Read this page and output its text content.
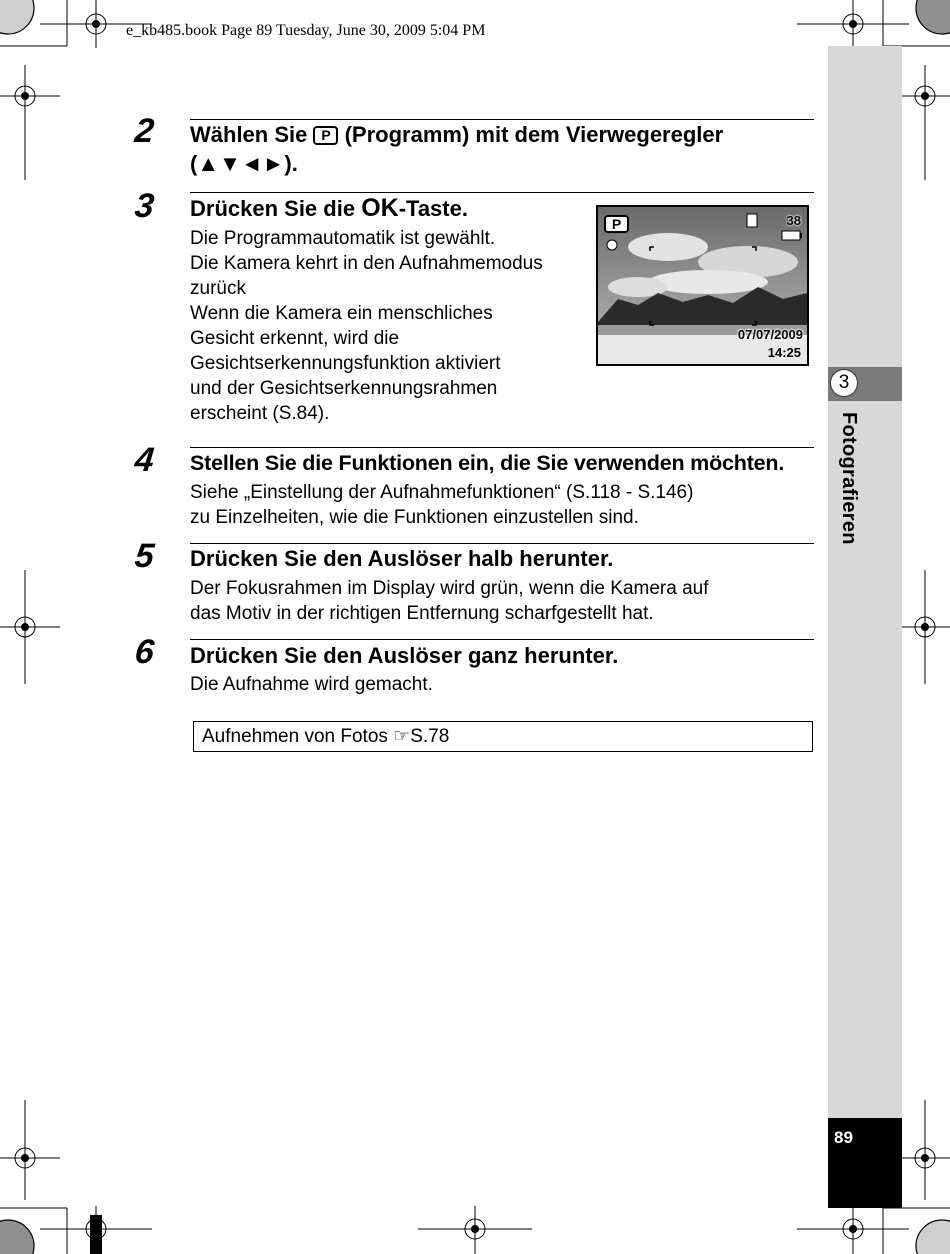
e_kb485.book Page 89 Tuesday, June 30, 2009 5:04 PM
3
Fotografieren
89
2 Wählen Sie P (Programm) mit dem Vierwegeregler
(▲▼◄►).
3 Drücken Sie die OK-Taste.
Die Programmautomatik ist gewählt.
Die Kamera kehrt in den Aufnahmemodus
zurück
Wenn die Kamera ein menschliches
Gesicht erkennt, wird die
Gesichtserkennungsfunktion aktiviert
und der Gesichtserkennungsrahmen
erscheint (S.84).
P	38
07/07/2009
14:25
4 Stellen Sie die Funktionen ein, die Sie verwenden möchten.
Siehe „Einstellung der Aufnahmefunktionen“ (S.118 - S.146)
zu Einzelheiten, wie die Funktionen einzustellen sind.
5 Drücken Sie den Auslöser halb herunter.
Der Fokusrahmen im Display wird grün, wenn die Kamera auf
das Motiv in der richtigen Entfernung scharfgestellt hat.
6 Drücken Sie den Auslöser ganz herunter.
Die Aufnahme wird gemacht.
Aufnehmen von Fotos ☞S.78
